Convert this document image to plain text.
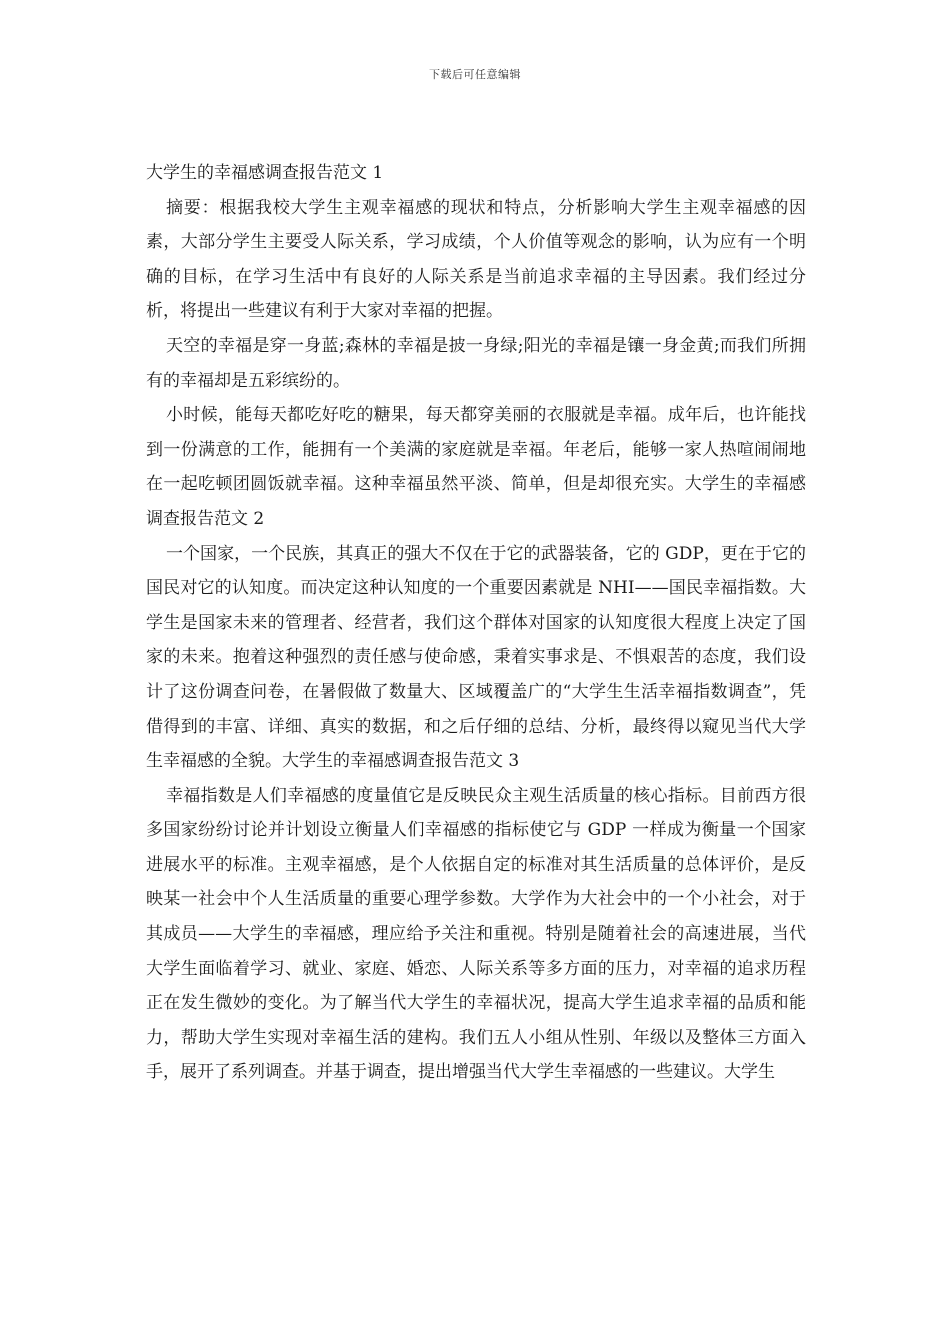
下载后可任意编辑

大学生的幸福感调查报告范文 1

摘要：根据我校大学生主观幸福感的现状和特点，分析影响大学生主观幸福感的因素，大部分学生主要受人际关系，学习成绩，个人价值等观念的影响，认为应有一个明确的目标，在学习生活中有良好的人际关系是当前追求幸福的主导因素。我们经过分析，将提出一些建议有利于大家对幸福的把握。

天空的幸福是穿一身蓝;森林的幸福是披一身绿;阳光的幸福是镶一身金黄;而我们所拥有的幸福却是五彩缤纷的。

小时候，能每天都吃好吃的糖果，每天都穿美丽的衣服就是幸福。成年后，也许能找到一份满意的工作，能拥有一个美满的家庭就是幸福。年老后，能够一家人热喧闹闹地在一起吃顿团圆饭就幸福。这种幸福虽然平淡、简单，但是却很充实。大学生的幸福感调查报告范文 2

一个国家，一个民族，其真正的强大不仅在于它的武器装备，它的 GDP，更在于它的国民对它的认知度。而决定这种认知度的一个重要因素就是 NHI——国民幸福指数。大学生是国家未来的管理者、经营者，我们这个群体对国家的认知度很大程度上决定了国家的未来。抱着这种强烈的责任感与使命感，秉着实事求是、不惧艰苦的态度，我们设计了这份调查问卷，在暑假做了数量大、区域覆盖广的“大学生生活幸福指数调查”，凭借得到的丰富、详细、真实的数据，和之后仔细的总结、分析，最终得以窥见当代大学生幸福感的全貌。大学生的幸福感调查报告范文 3

幸福指数是人们幸福感的度量值它是反映民众主观生活质量的核心指标。目前西方很多国家纷纷讨论并计划设立衡量人们幸福感的指标使它与 GDP 一样成为衡量一个国家进展水平的标准。主观幸福感，是个人依据自定的标准对其生活质量的总体评价，是反映某一社会中个人生活质量的重要心理学参数。大学作为大社会中的一个小社会，对于其成员——大学生的幸福感，理应给予关注和重视。特别是随着社会的高速进展，当代大学生面临着学习、就业、家庭、婚恋、人际关系等多方面的压力，对幸福的追求历程正在发生微妙的变化。为了解当代大学生的幸福状况，提高大学生追求幸福的品质和能力，帮助大学生实现对幸福生活的建构。我们五人小组从性别、年级以及整体三方面入手，展开了系列调查。并基于调查，提出增强当代大学生幸福感的一些建议。大学生
